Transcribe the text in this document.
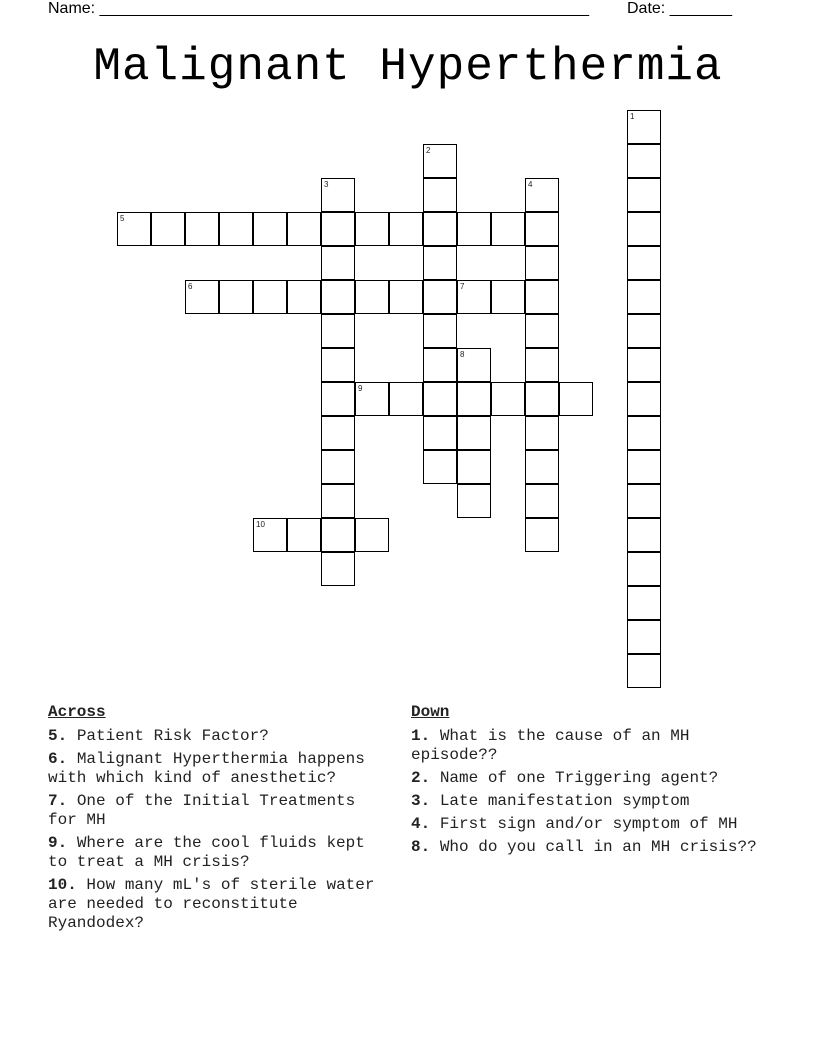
Name: _______________________________________________________ Date: _______
Malignant Hyperthermia
1
2
3	4
5
6	7
8
9
10
Across
5. Patient Risk Factor?
6. Malignant Hyperthermia happens with which kind of anesthetic?
7. One of the Initial Treatments for MH
9. Where are the cool fluids kept to treat a MH crisis?
10. How many mL's of sterile water are needed to reconstitute Ryandodex?
Down
1. What is the cause of an MH episode??
2. Name of one Triggering agent?
3. Late manifestation symptom
4. First sign and/or symptom of MH
8. Who do you call in an MH crisis??
